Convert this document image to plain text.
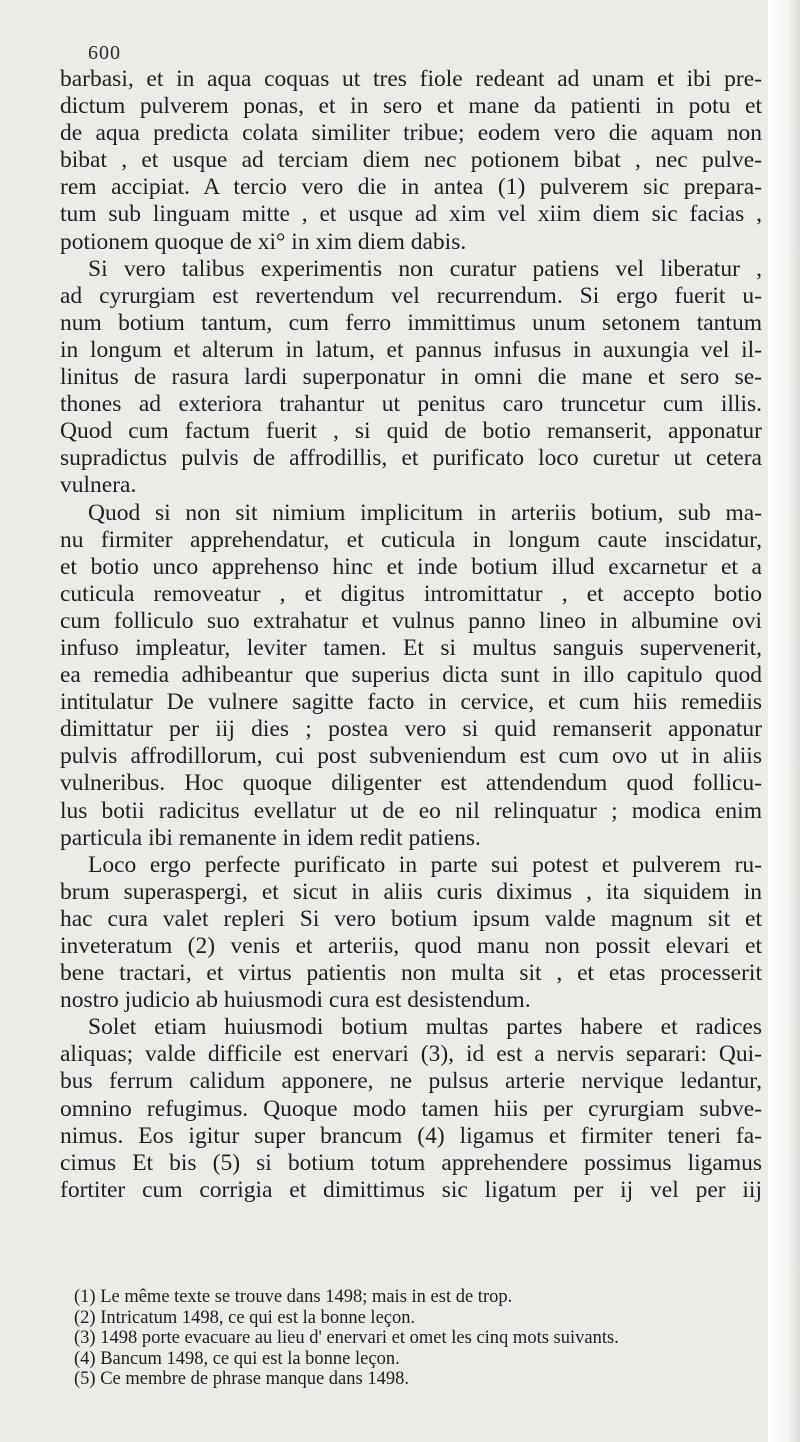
600
barbasi, et in aqua coquas ut tres fiole redeant ad unam et ibi pre-
dictum pulverem ponas, et in sero et mane da patienti in potu et
de aqua predicta colata similiter tribue; eodem vero die aquam non
bibat , et usque ad terciam diem nec potionem bibat , nec pulve-
rem accipiat. A tercio vero die in antea (1) pulverem sic prepara-
tum sub linguam mitte , et usque ad xim vel xiim diem sic facias ,
potionem quoque de xi° in xim diem dabis.
Si vero talibus experimentis non curatur patiens vel liberatur ,
ad cyrurgiam est revertendum vel recurrendum. Si ergo fuerit u-
num botium tantum, cum ferro immittimus unum setonem tantum
in longum et alterum in latum, et pannus infusus in auxungia vel il-
linitus de rasura lardi superponatur in omni die mane et sero se-
thones ad exteriora trahantur ut penitus caro truncetur cum illis.
Quod cum factum fuerit , si quid de botio remanserit, apponatur
supradictus pulvis de affrodillis, et purificato loco curetur ut cetera
vulnera.
Quod si non sit nimium implicitum in arteriis botium, sub ma-
nu firmiter apprehendatur, et cuticula in longum caute inscidatur,
et botio unco apprehenso hinc et inde botium illud excarnetur et a
cuticula removeatur , et digitus intromittatur , et accepto botio
cum folliculo suo extrahatur et vulnus panno lineo in albumine ovi
infuso impleatur, leviter tamen. Et si multus sanguis supervenerit,
ea remedia adhibeantur que superius dicta sunt in illo capitulo quod
intitulatur De vulnere sagitte facto in cervice, et cum hiis remediis
dimittatur per iij dies ; postea vero si quid remanserit apponatur
pulvis affrodillorum, cui post subveniendum est cum ovo ut in aliis
vulneribus. Hoc quoque diligenter est attendendum quod follicu-
lus botii radicitus evellatur ut de eo nil relinquatur ; modica enim
particula ibi remanente in idem redit patiens.
Loco ergo perfecte purificato in parte sui potest et pulverem ru-
brum superaspergi, et sicut in aliis curis diximus , ita siquidem in
hac cura valet repleri Si vero botium ipsum valde magnum sit et
inveteratum (2) venis et arteriis, quod manu non possit elevari et
bene tractari, et virtus patientis non multa sit , et etas processerit
nostro judicio ab huiusmodi cura est desistendum.
Solet etiam huiusmodi botium multas partes habere et radices
aliquas; valde difficile est enervari (3), id est a nervis separari: Qui-
bus ferrum calidum apponere, ne pulsus arterie nervique ledantur,
omnino refugimus. Quoque modo tamen hiis per cyrurgiam subve-
nimus. Eos igitur super brancum (4) ligamus et firmiter teneri fa-
cimus Et bis (5) si botium totum apprehendere possimus ligamus
fortiter cum corrigia et dimittimus sic ligatum per ij vel per iij
(1) Le même texte se trouve dans 1498; mais in est de trop.
(2) Intricatum 1498, ce qui est la bonne leçon.
(3) 1498 porte evacuare au lieu d' enervari et omet les cinq mots suivants.
(4) Bancum 1498, ce qui est la bonne leçon.
(5) Ce membre de phrase manque dans 1498.
